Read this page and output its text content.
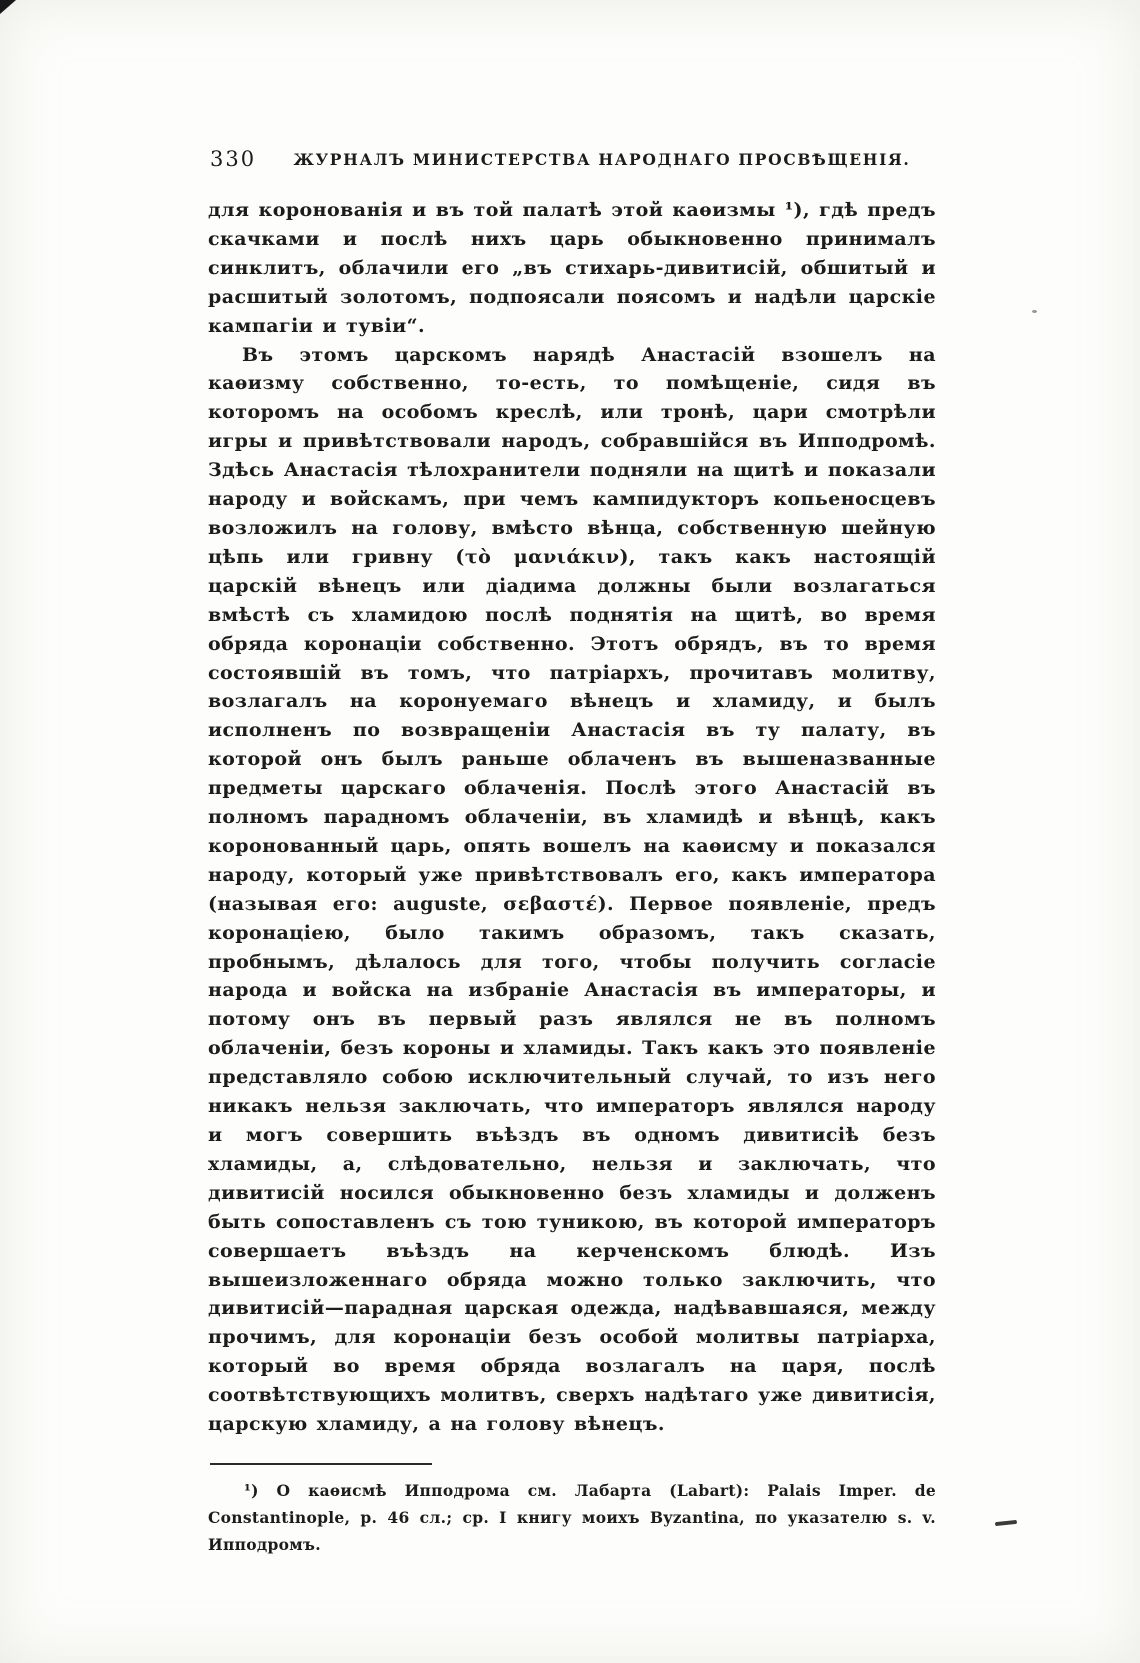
330	ЖУРНАЛЪ МИНИСТЕРСТВА НАРОДНАГО ПРОСВѢЩЕНІЯ.

для коронованія и въ той палатѣ этой каѳизмы ¹), гдѣ предъ скачками и послѣ нихъ царь обыкновенно принималъ синклитъ, облачили его „въ стихарь-дивитисій, обшитый и расшитый золотомъ, подпоясали поясомъ и надѣли царскіе кампагіи и тувіи“.

Въ этомъ царскомъ нарядѣ Анастасій взошелъ на каѳизму собственно, то-есть, то помѣщеніе, сидя въ которомъ на особомъ креслѣ, или тронѣ, цари смотрѣли игры и привѣтствовали народъ, собравшійся въ Ипподромѣ. Здѣсь Анастасія тѣлохранители подняли на щитѣ и показали народу и войскамъ, при чемъ кампидукторъ копьеносцевъ возложилъ на голову, вмѣсто вѣнца, собственную шейную цѣпь или гривну (τὸ μανιάκιν), такъ какъ настоящій царскій вѣнецъ или діадима должны были возлагаться вмѣстѣ съ хламидою послѣ поднятія на щитѣ, во время обряда коронаціи собственно. Этотъ обрядъ, въ то время состоявшій въ томъ, что патріархъ, прочитавъ молитву, возлагалъ на коронуемаго вѣнецъ и хламиду, и былъ исполненъ по возвращеніи Анастасія въ ту палату, въ которой онъ былъ раньше облаченъ въ вышеназванные предметы царскаго облаченія. Послѣ этого Анастасій въ полномъ парадномъ облаченіи, въ хламидѣ и вѣнцѣ, какъ коронованный царь, опять вошелъ на каѳисму и показался народу, который уже привѣтствовалъ его, какъ императора (называя его: auguste, σεβαστέ). Первое появленіе, предъ коронаціею, было такимъ образомъ, такъ сказать, пробнымъ, дѣлалось для того, чтобы получить согласіе народа и войска на избраніе Анастасія въ императоры, и потому онъ въ первый разъ являлся не въ полномъ облаченіи, безъ короны и хламиды. Такъ какъ это появленіе представляло собою исключительный случай, то изъ него никакъ нельзя заключать, что императоръ являлся народу и могъ совершить въѣздъ въ одномъ дивитисіѣ безъ хламиды, а, слѣдовательно, нельзя и заключать, что дивитисій носился обыкновенно безъ хламиды и долженъ быть сопоставленъ съ тою туникою, въ которой императоръ совершаетъ въѣздъ на керченскомъ блюдѣ. Изъ вышеизложеннаго обряда можно только заключить, что дивитисій—парадная царская одежда, надѣвавшаяся, между прочимъ, для коронаціи безъ особой молитвы патріарха, который во время обряда возлагалъ на царя, послѣ соотвѣтствующихъ молитвъ, сверхъ надѣтаго уже дивитисія, царскую хламиду, а на голову вѣнецъ.

¹) О каѳисмѣ Ипподрома см. Лабарта (Labart): Palais Imper. de Constantinople, p. 46 сл.; ср. I книгу моихъ Byzantina, по указателю s. v. Ипподромъ.
